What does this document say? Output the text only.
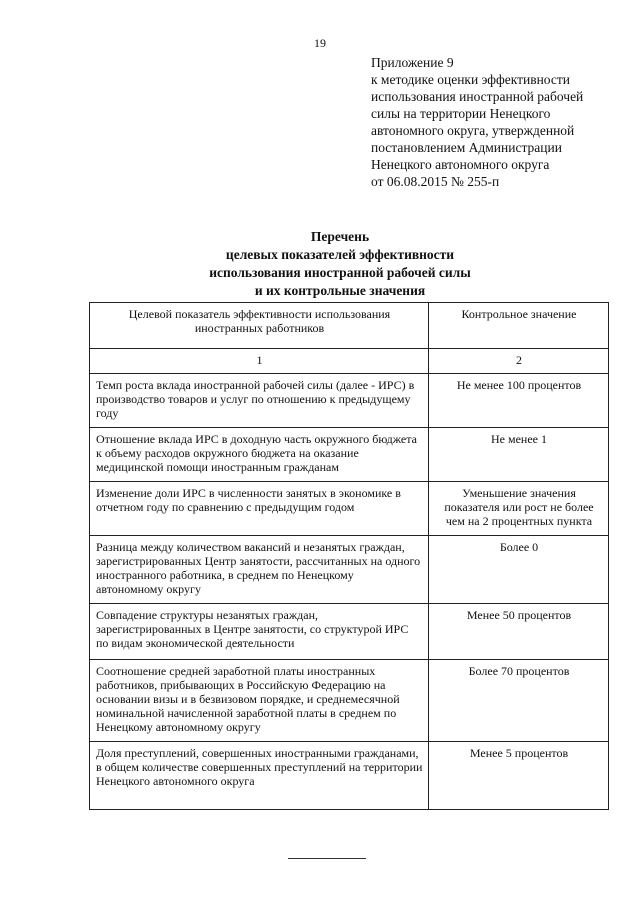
19
Приложение 9
к методике оценки эффективности
использования иностранной рабочей
силы на территории Ненецкого
автономного округа, утвержденной
постановлением Администрации
Ненецкого автономного округа
от 06.08.2015 № 255-п
Перечень
целевых показателей эффективности
использования иностранной рабочей силы
и их контрольные значения
Целевой показатель эффективности использования иностранных работников	Контрольное значение
1	2
Темп роста вклада иностранной рабочей силы (далее - ИРС) в производство товаров и услуг по отношению к предыдущему году	Не менее 100 процентов
Отношение вклада ИРС в доходную часть окружного бюджета к объему расходов окружного бюджета на оказание медицинской помощи иностранным гражданам	Не менее 1
Изменение доли ИРС в численности занятых в экономике в отчетном году по сравнению с предыдущим годом	Уменьшение значения показателя или рост не более чем на 2 процентных пункта
Разница между количеством вакансий и незанятых граждан, зарегистрированных Центр занятости, рассчитанных на одного иностранного работника, в среднем по Ненецкому автономному округу	Более 0
Совпадение структуры незанятых граждан, зарегистрированных в Центре занятости, со структурой ИРС по видам экономической деятельности	Менее 50 процентов
Соотношение средней заработной платы иностранных работников, прибывающих в Российскую Федерацию на основании визы и в безвизовом порядке, и среднемесячной номинальной начисленной заработной платы в среднем по Ненецкому автономному округу	Более 70 процентов
Доля преступлений, совершенных иностранными гражданами, в общем количестве совершенных преступлений на территории Ненецкого автономного округа	Менее 5 процентов
